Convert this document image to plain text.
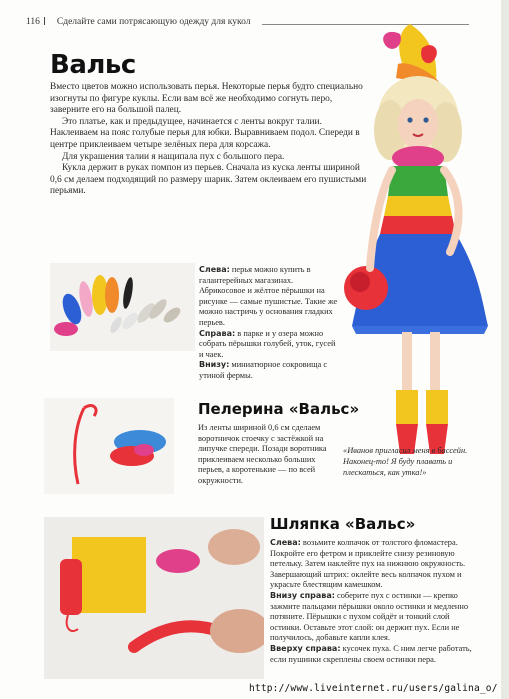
116 Сделайте сами потрясающую одежду для кукол
Вальс

Вместо цветов можно использовать перья. Некоторые перья будто специально изогнуты по фигуре куклы. Если вам всё же необходимо согнуть перо, заверните его на большой палец.

Это платье, как и предыдущее, начинается с ленты вокруг талии. Наклеиваем на пояс голубые перья для юбки. Выравниваем подол. Спереди в центре приклеиваем четыре зелёных пера для корсажа.

Для украшения талии я нащипала пух с большого пера.

Кукла держит в руках помпон из перьев. Сначала из куска ленты шириной 0,6 см делаем подходящий по размеру шарик. Затем оклеиваем его пушистыми перьями.

Слева: перья можно купить в галантерейных магазинах. Абрикосовое и жёлтое пёрышки на рисунке — самые пушистые. Такие же можно настричь у основания гладких перьев.

Справа: в парке и у озера можно собрать пёрышки голубей, уток, гусей и чаек.

Внизу: миниатюрное сокровища с утиной фермы.

Пелерина «Вальс»
Из ленты шириной 0,6 см сделаем воротничок стоечку с застёжкой на липучке спереди. Позади воротника приклеиваем несколько больших перьев, а коротенькие — по всей окружности.
«Иванов пригласил меня в бассейн. Наконец-то! Я буду плавать и плескаться, как утка!»
Шляпка «Вальс»

Слева: возьмите колпачок от толстого фломастера. Покройте его фетром и приклейте снизу резиновую петельку. Затем наклейте пух на нижнюю окружность. Завершающий штрих: оклейте весь колпачок пухом и украсьте блестящим камешком.

Внизу справа: соберите пух с остинки — крепко зажмите пальцами пёрышки около остинки и медленно потяните. Пёрышки с пухом сойдёт и тонкий слой остинки. Оставьте этот слой: он держит пух. Если не получилось, добавьте капли клея.

Вверху справа: кусочек пуха. С ним легче работать, если пушинки скреплены своем остинки пера.

http://www.liveinternet.ru/users/galina_o/
